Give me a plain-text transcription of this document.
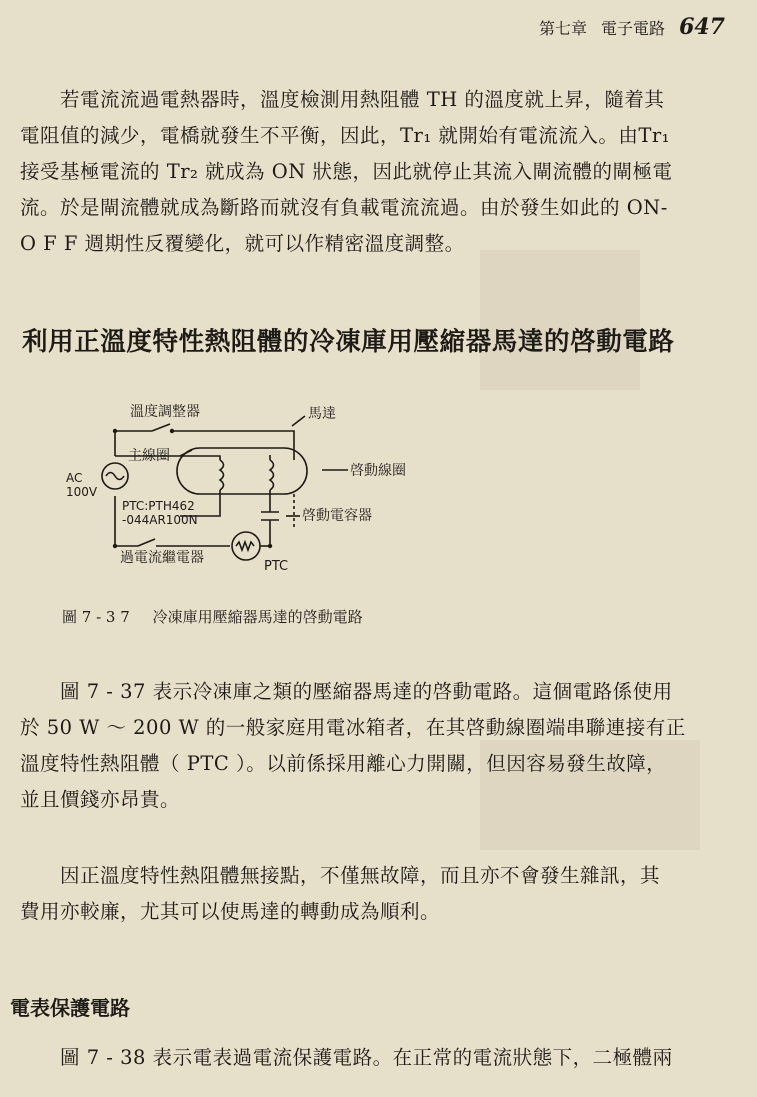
第七章 電子電路 647
若電流流過電熱器時，溫度檢測用熱阻體 TH 的溫度就上昇，隨着其
電阻值的減少，電橋就發生不平衡，因此，Tr₁ 就開始有電流流入。由Tr₁
接受基極電流的 Tr₂ 就成為 ON 狀態，因此就停止其流入閘流體的閘極電
流。於是閘流體就成為斷路而就沒有負載電流流過。由於發生如此的 ON-
O F F 週期性反覆變化，就可以作精密溫度調整。
利用正溫度特性熱阻體的冷凍庫用壓縮器馬達的啓動電路
溫度調整器	馬達
主線圈
啓動線圈
AC
100V
PTC:PTH462
-044AR100N	啓動電容器
過電流繼電器
PTC
圖 7 - 3 7 冷凍庫用壓縮器馬達的啓動電路
圖 7 - 37 表示冷凍庫之類的壓縮器馬達的啓動電路。這個電路係使用
於 50 W ～ 200 W 的一般家庭用電冰箱者，在其啓動線圈端串聯連接有正
溫度特性熱阻體（ PTC ）。以前係採用離心力開關，但因容易發生故障，
並且價錢亦昂貴。
因正溫度特性熱阻體無接點，不僅無故障，而且亦不會發生雜訊，其
費用亦較廉，尤其可以使馬達的轉動成為順利。
電表保護電路
圖 7 - 38 表示電表過電流保護電路。在正常的電流狀態下，二極體兩
